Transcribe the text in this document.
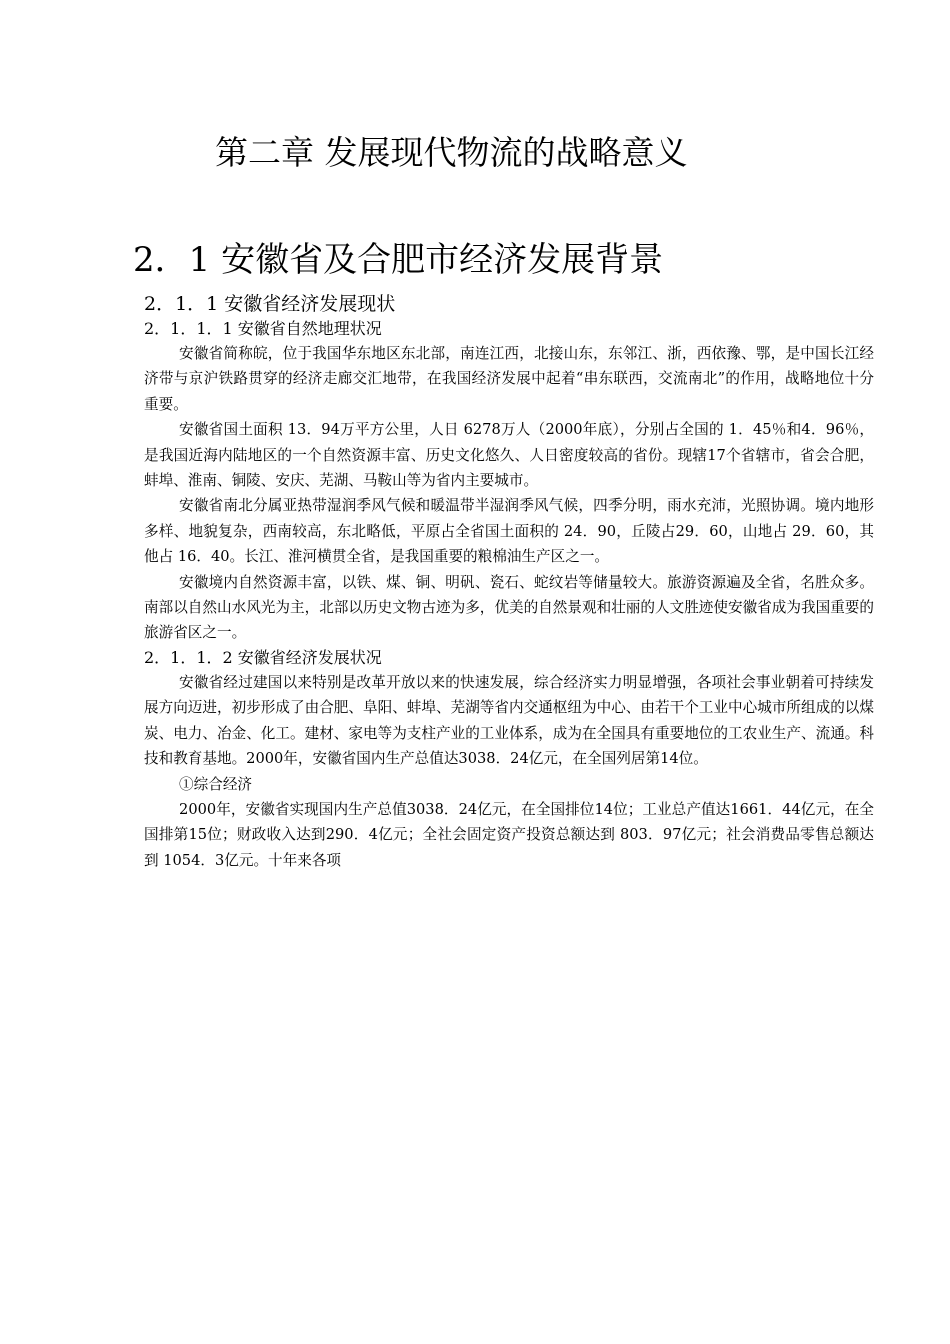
第二章 发展现代物流的战略意义
2．1 安徽省及合肥市经济发展背景
2．1．1 安徽省经济发展现状
2．1．1．1 安徽省自然地理状况

安徽省简称皖，位于我国华东地区东北部，南连江西，北接山东，东邻江、浙，西依豫、鄂，是中国长江经济带与京沪铁路贯穿的经济走廊交汇地带，在我国经济发展中起着“串东联西，交流南北”的作用，战略地位十分重要。

安徽省国土面积 13．94万平方公里，人日 6278万人（2000年底），分别占全国的 1．45％和4．96％，是我国近海内陆地区的一个自然资源丰富、历史文化悠久、人日密度较高的省份。现辖17个省辖市，省会合肥，蚌埠、淮南、铜陵、安庆、芜湖、马鞍山等为省内主要城市。

安徽省南北分属亚热带湿润季风气候和暖温带半湿润季风气候，四季分明，雨水充沛，光照协调。境内地形多样、地貌复杂，西南较高，东北略低，平原占全省国土面积的 24．90，丘陵占29．60，山地占 29．60，其他占 16．40。长江、淮河横贯全省，是我国重要的粮棉油生产区之一。

安徽境内自然资源丰富，以铁、煤、铜、明矾、瓷石、蛇纹岩等储量较大。旅游资源遍及全省，名胜众多。南部以自然山水风光为主，北部以历史文物古迹为多，优美的自然景观和壮丽的人文胜迹使安徽省成为我国重要的旅游省区之一。

2．1．1．2 安徽省经济发展状况

安徽省经过建国以来特别是改革开放以来的快速发展，综合经济实力明显增强，各项社会事业朝着可持续发展方向迈进，初步形成了由合肥、阜阳、蚌埠、芜湖等省内交通枢纽为中心、由若干个工业中心城市所组成的以煤炭、电力、冶金、化工。建材、家电等为支柱产业的工业体系，成为在全国具有重要地位的工农业生产、流通。科技和教育基地。2000年，安徽省国内生产总值达3038．24亿元，在全国列居第14位。

①综合经济

2000年，安徽省实现国内生产总值3038．24亿元，在全国排位14位；工业总产值达1661．44亿元，在全国排第15位；财政收入达到290．4亿元；全社会固定资产投资总额达到 803．97亿元；社会消费品零售总额达到 1054．3亿元。十年来各项
